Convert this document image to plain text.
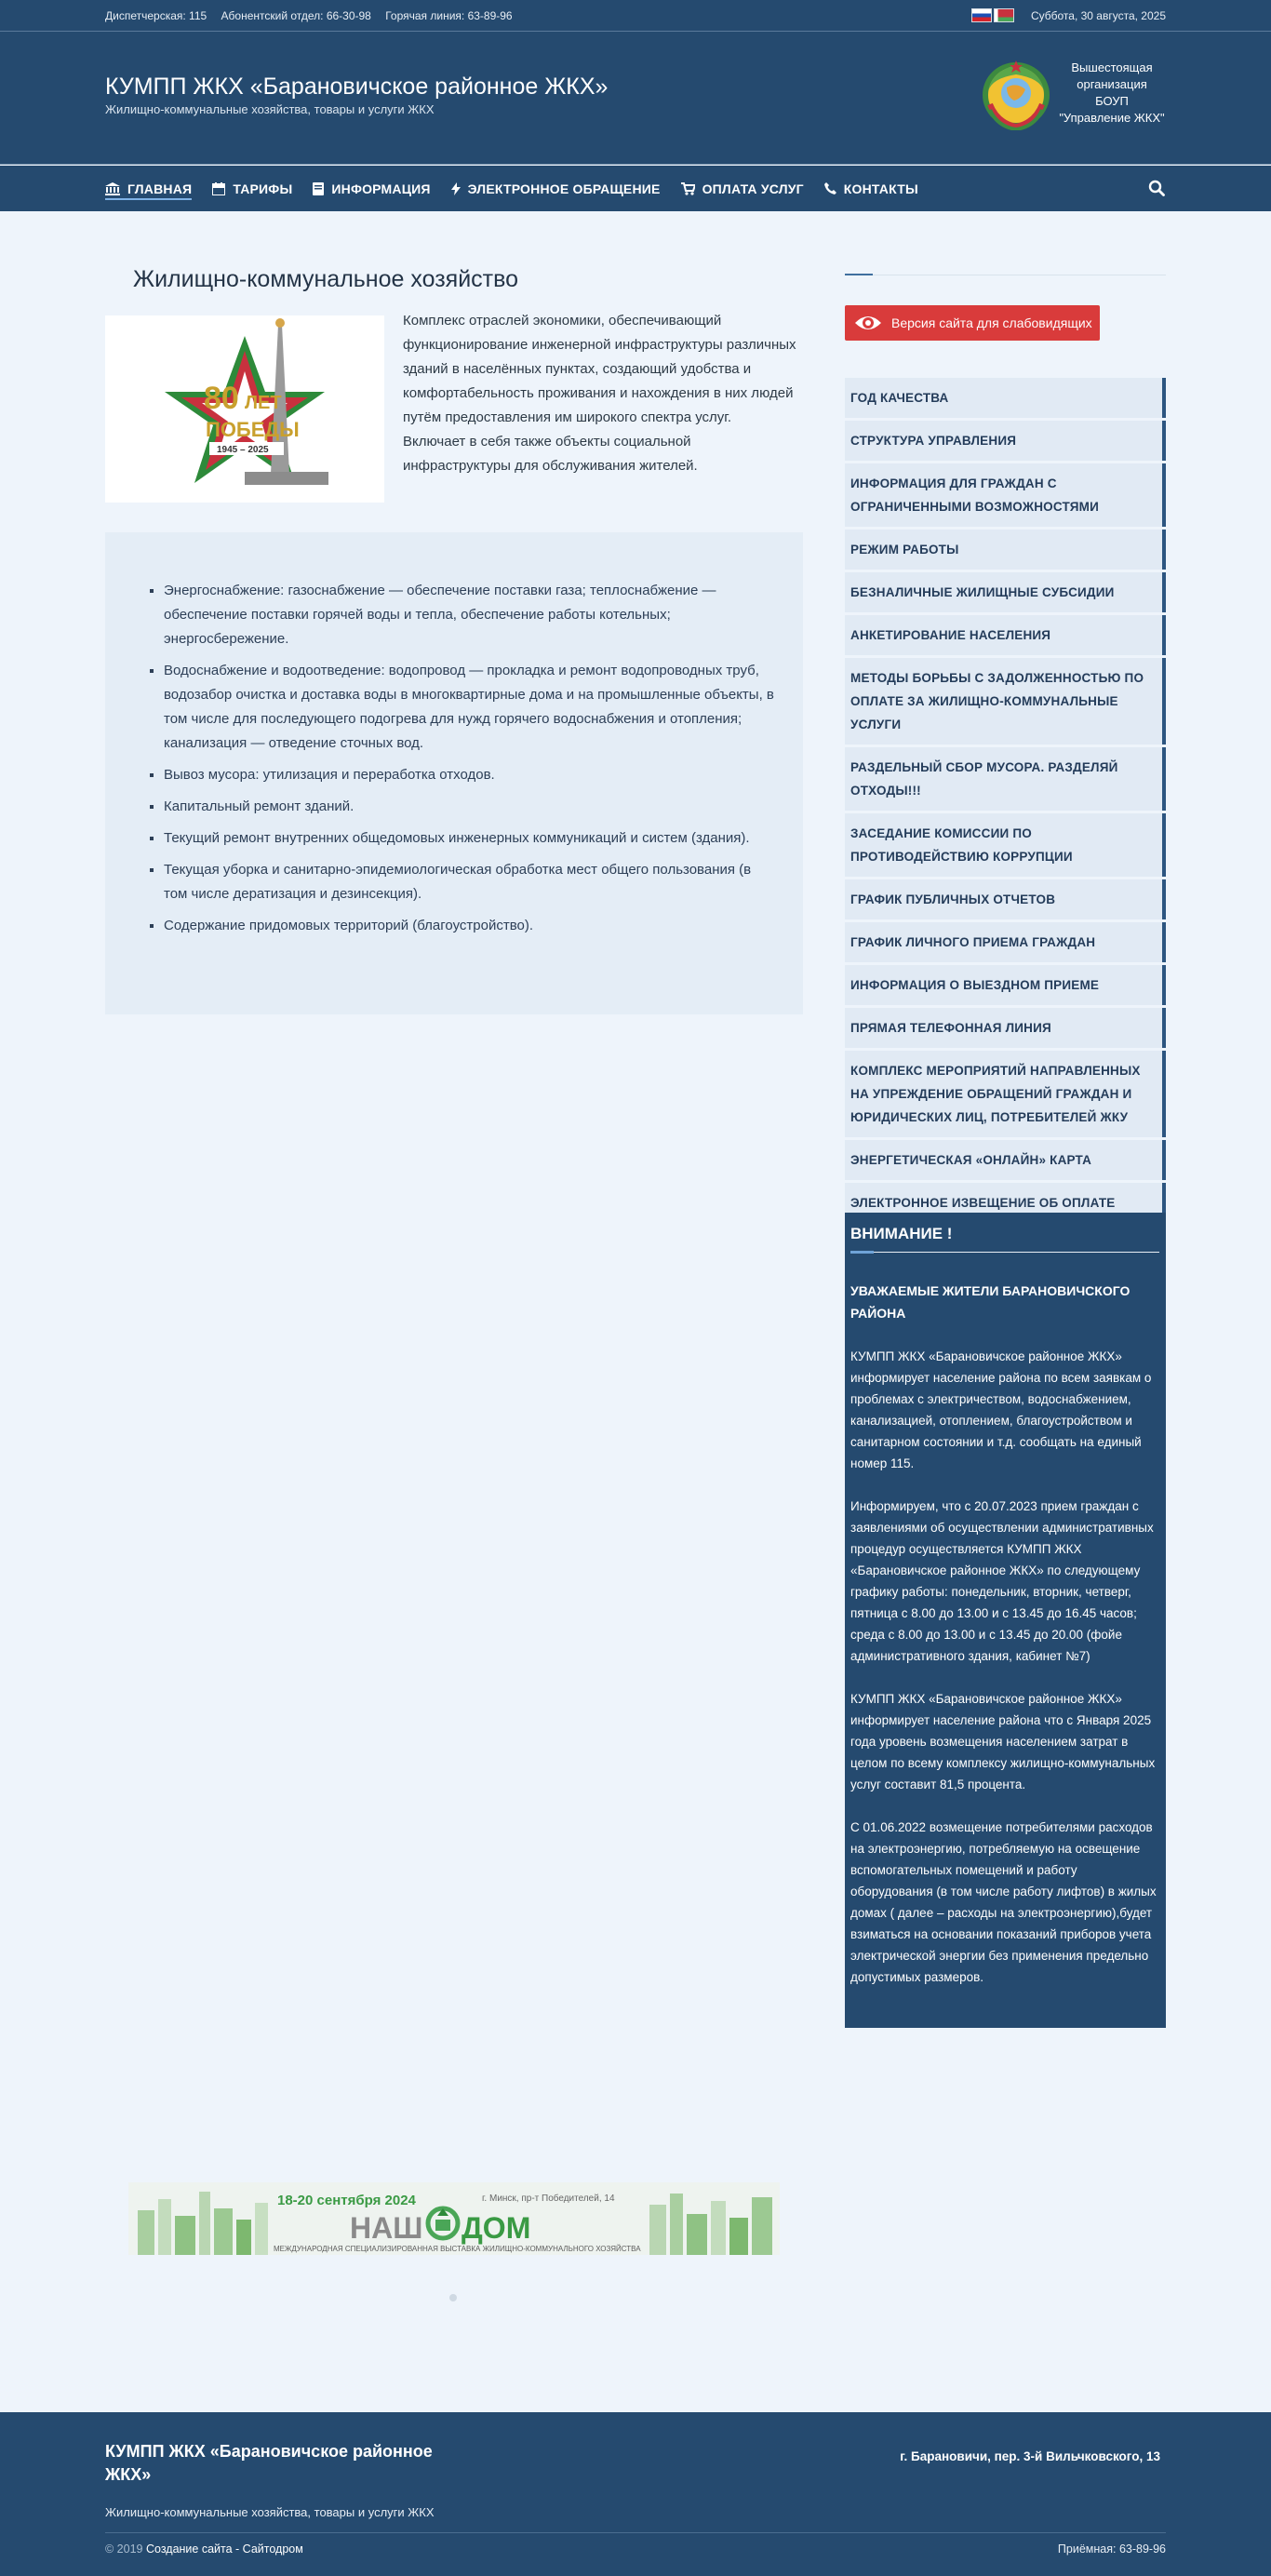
Диспетчерская: 115 Абонентский отдел: 66-30-98 Горячая линия: 63-89-96	Суббота, 30 августа, 2025
КУМПП ЖКХ «Барановичское районное ЖКХ»
Жилищно-коммунальные хозяйства, товары и услуги ЖКХ
Вышестоящая
организация
БОУП
"Управление ЖКХ"
ГЛАВНАЯ	ТАРИФЫ	ИНФОРМАЦИЯ	ЭЛЕКТРОННОЕ ОБРАЩЕНИЕ	ОПЛАТА УСЛУГ	КОНТАКТЫ
Жилищно-коммунальное хозяйство
80 ЛЕТ
ПОБЕДЫ
1945 – 2025

Комплекс отраслей экономики, обеспечивающий функционирование инженерной инфраструктуры различных зданий в населённых пунктах, создающий удобства и комфортабельность проживания и нахождения в них людей путём предоставления им широкого спектра услуг. Включает в себя также объекты социальной инфраструктуры для обслуживания жителей.

▪ Энергоснабжение: газоснабжение — обеспечение поставки газа; теплоснабжение — обеспечение поставки горячей воды и тепла, обеспечение работы котельных; энергосбережение.
▪ Водоснабжение и водоотведение: водопровод — прокладка и ремонт водопроводных труб, водозабор очистка и доставка воды в многоквартирные дома и на промышленные объекты, в том числе для последующего подогрева для нужд горячего водоснабжения и отопления; канализация — отведение сточных вод.
▪ Вывоз мусора: утилизация и переработка отходов.
▪ Капитальный ремонт зданий.
▪ Текущий ремонт внутренних общедомовых инженерных коммуникаций и систем (здания).
▪ Текущая уборка и санитарно-эпидемиологическая обработка мест общего пользования (в том числе дератизация и дезинсекция).
▪ Содержание придомовых территорий (благоустройство).
Версия сайта для слабовидящих
ГОД КАЧЕСТВА
СТРУКТУРА УПРАВЛЕНИЯ
ИНФОРМАЦИЯ ДЛЯ ГРАЖДАН С ОГРАНИЧЕННЫМИ ВОЗМОЖНОСТЯМИ
РЕЖИМ РАБОТЫ
БЕЗНАЛИЧНЫЕ ЖИЛИЩНЫЕ СУБСИДИИ
АНКЕТИРОВАНИЕ НАСЕЛЕНИЯ
МЕТОДЫ БОРЬБЫ С ЗАДОЛЖЕННОСТЬЮ ПО ОПЛАТЕ ЗА ЖИЛИЩНО-КОММУНАЛЬНЫЕ УСЛУГИ
РАЗДЕЛЬНЫЙ СБОР МУСОРА. РАЗДЕЛЯЙ ОТХОДЫ!!!
ЗАСЕДАНИЕ КОМИССИИ ПО ПРОТИВОДЕЙСТВИЮ КОРРУПЦИИ
ГРАФИК ПУБЛИЧНЫХ ОТЧЕТОВ
ГРАФИК ЛИЧНОГО ПРИЕМА ГРАЖДАН
ИНФОРМАЦИЯ О ВЫЕЗДНОМ ПРИЕМЕ
ПРЯМАЯ ТЕЛЕФОННАЯ ЛИНИЯ
КОМПЛЕКС МЕРОПРИЯТИЙ НАПРАВЛЕННЫХ НА УПРЕЖДЕНИЕ ОБРАЩЕНИЙ ГРАЖДАН И ЮРИДИЧЕСКИХ ЛИЦ, ПОТРЕБИТЕЛЕЙ ЖКУ
ЭНЕРГЕТИЧЕСКАЯ «ОНЛАЙН» КАРТА
ЭЛЕКТРОННОЕ ИЗВЕЩЕНИЕ ОБ ОПЛАТЕ
ВНИМАНИЕ !

УВАЖАЕМЫЕ ЖИТЕЛИ БАРАНОВИЧСКОГО РАЙОНА

КУМПП ЖКХ «Барановичское районное ЖКХ» информирует население района по всем заявкам о проблемах с электричеством, водоснабжением, канализацией, отоплением, благоустройством и санитарном состоянии и т.д. сообщать на единый номер 115.

Информируем, что с 20.07.2023 прием граждан с заявлениями об осуществлении административных процедур осуществляется КУМПП ЖКХ «Барановичское районное ЖКХ» по следующему графику работы: понедельник, вторник, четверг, пятница с 8.00 до 13.00 и с 13.45 до 16.45 часов; среда с 8.00 до 13.00 и с 13.45 до 20.00 (фойе административного здания, кабинет №7)

КУМПП ЖКХ «Барановичское районное ЖКХ» информирует население района что с Января 2025 года уровень возмещения населением затрат в целом по всему комплексу жилищно-коммунальных услуг составит 81,5 процента.

С 01.06.2022 возмещение потребителями расходов на электроэнергию, потребляемую на освещение вспомогательных помещений и работу оборудования (в том числе работу лифтов) в жилых домах ( далее – расходы на электроэнергию),будет взиматься на основании показаний приборов учета электрической энергии без применения предельно допустимых размеров.

18-20 сентября 2024	г. Минск, пр-т Победителей, 14
НАШ ДОМ
МЕЖДУНАРОДНАЯ СПЕЦИАЛИЗИРОВАННАЯ ВЫСТАВКА ЖИЛИЩНО-КОММУНАЛЬНОГО ХОЗЯЙСТВА
КУМПП ЖКХ «Барановичское районное ЖКХ»
Жилищно-коммунальные хозяйства, товары и услуги ЖКХ
г. Барановичи, пер. 3-й Вильчковского, 13
© 2019 Создание сайта - Сайтодром	Приёмная: 63-89-96
